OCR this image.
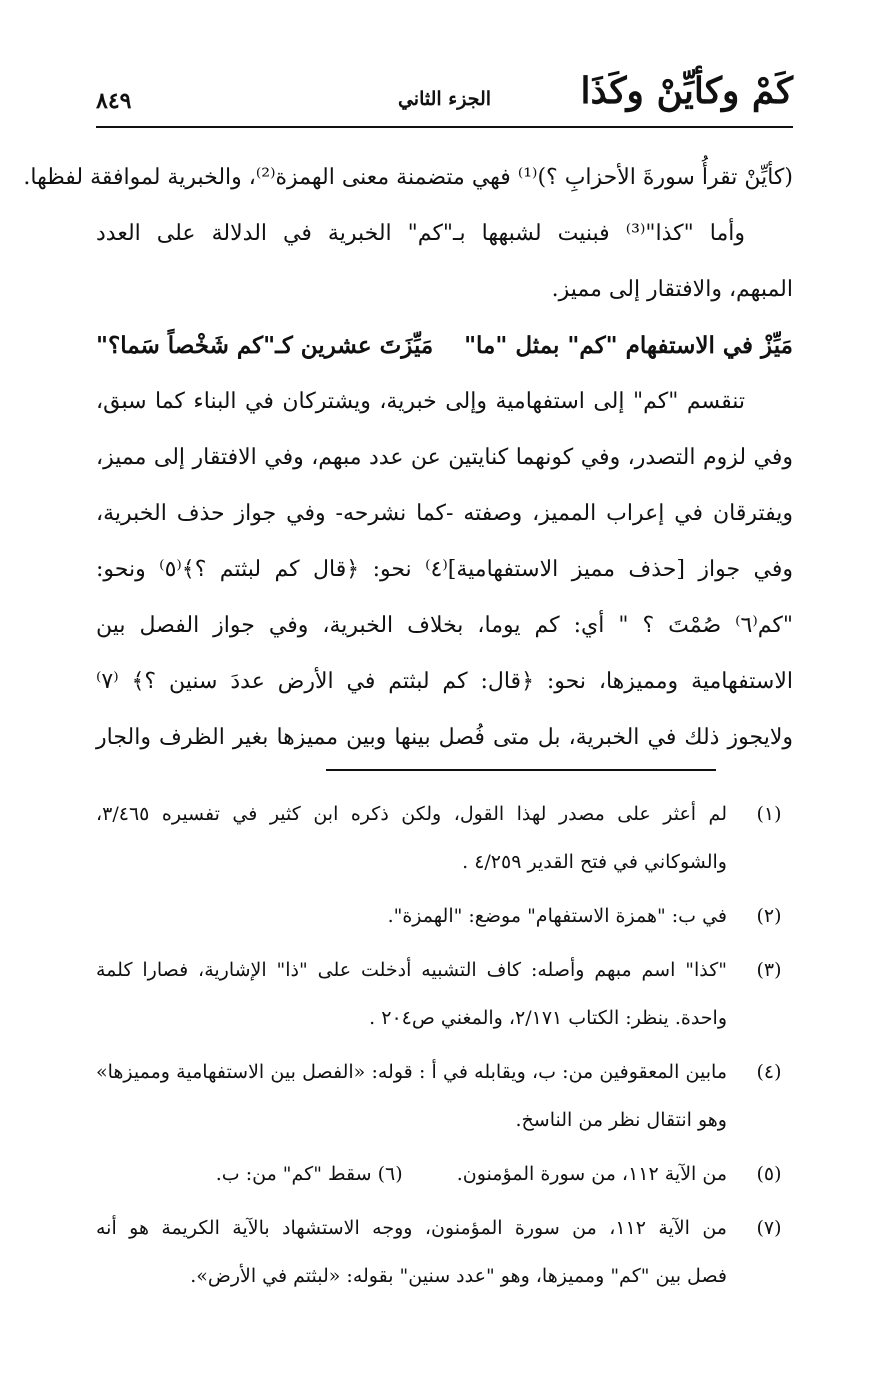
كَمْ وكأيِّنْ وكَذَا
الجزء الثاني
٨٤٩
(كأيِّنْ تقرأُ سورةَ الأحزابِ ؟)⁽¹⁾ فهي متضمنة معنى الهمزة⁽²⁾، والخبرية لموافقة لفظها.
وأما "كذا"⁽³⁾ فبنيت لشبهها بـ"كم" الخبرية في الدلالة على العدد
المبهم، والافتقار إلى مميز.
مَيِّزْ في الاستفهام "كم" بمثل "ما" مَيِّزَتَ عشرين كـ"كم شَخْصاً سَما؟"
تنقسم "كم" إلى استفهامية وإلى خبرية، ويشتركان في البناء كما سبق،
وفي لزوم التصدر، وفي كونهما كنايتين عن عدد مبهم، وفي الافتقار إلى مميز،
ويفترقان في إعراب المميز، وصفته -كما نشرحه- وفي جواز حذف الخبرية،
وفي جواز [حذف مميز الاستفهامية]⁽٤⁾ نحو: ﴿قال كم لبثتم ؟﴾⁽٥⁾ ونحو:
"كم⁽٦⁾ صُمْتَ ؟ " أي: كم يوما، بخلاف الخبرية، وفي جواز الفصل بين
الاستفهامية ومميزها، نحو: ﴿قال: كم لبثتم في الأرض عددَ سنين ؟﴾ ⁽٧⁾
ولايجوز ذلك في الخبرية، بل متى فُصل بينها وبين مميزها بغير الظرف والجار
(١)
لم أعثر على مصدر لهذا القول، ولكن ذكره ابن كثير في تفسيره ٣/٤٦٥،
والشوكاني في فتح القدير ٤/٢٥٩ .
(٢)
في ب: "همزة الاستفهام" موضع: "الهمزة".
(٣)
"كذا" اسم مبهم وأصله: كاف التشبيه أدخلت على "ذا" الإشارية، فصارا كلمة
واحدة. ينظر: الكتاب ٢/١٧١، والمغني ص٢٠٤ .
(٤)
مابين المعقوفين من: ب، ويقابله في أ : قوله: «الفصل بين الاستفهامية ومميزها»
وهو انتقال نظر من الناسخ.
(٥)
من الآية ١١٢، من سورة المؤمنون. (٦) سقط "كم" من: ب.
(٧)
من الآية ١١٢، من سورة المؤمنون، ووجه الاستشهاد بالآية الكريمة هو أنه
فصل بين "كم" ومميزها، وهو "عدد سنين" بقوله: «لبثتم في الأرض».
